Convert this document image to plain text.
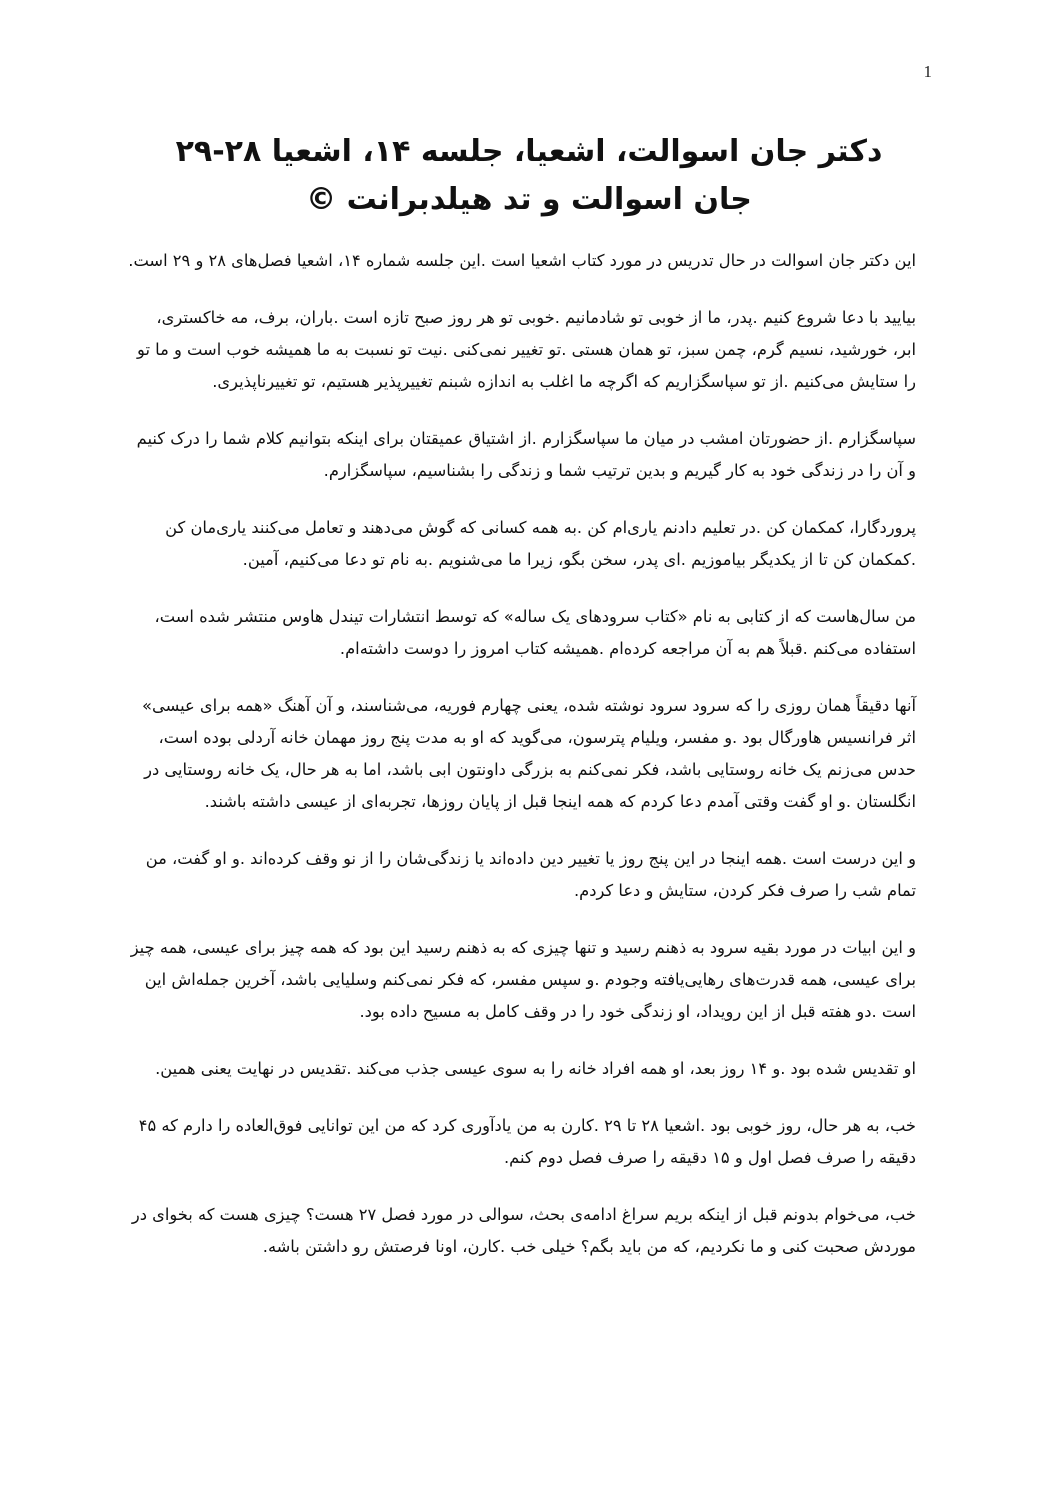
1
دکتر جان اسوالت، اشعیا، جلسه ۱۴، اشعیا ۲۸-۲۹
جان اسوالت و تد هیلدبرانت ©

این دکتر جان اسوالت در حال تدریس در مورد کتاب اشعیا است .این جلسه شماره ۱۴، اشعیا فصل‌های ۲۸ و ۲۹ است.

بیایید با دعا شروع کنیم .پدر، ما از خوبی تو شادمانیم .خوبی تو هر روز صبح تازه است .باران، برف، مه خاکستری، ابر، خورشید، نسیم گرم، چمن سبز، تو همان هستی .تو تغییر نمی‌کنی .نیت تو نسبت به ما همیشه خوب است و ما تو را ستایش می‌کنیم .از تو سپاسگزاریم که اگرچه ما اغلب به اندازه شبنم تغییرپذیر هستیم، تو تغییرناپذیری.

سپاسگزارم .از حضورتان امشب در میان ما سپاسگزارم .از اشتیاق عمیقتان برای اینکه بتوانیم کلام شما را درک کنیم و آن را در زندگی خود به کار گیریم و بدین ترتیب شما و زندگی را بشناسیم، سپاسگزارم.

پروردگارا، کمکمان کن .در تعلیم دادنم یاری‌ام کن .به همه کسانی که گوش می‌دهند و تعامل می‌کنند یاری‌مان کن .کمکمان کن تا از یکدیگر بیاموزیم .ای پدر، سخن بگو، زیرا ما می‌شنویم .به نام تو دعا می‌کنیم، آمین.

من سال‌هاست که از کتابی به نام «کتاب سرودهای یک ساله» که توسط انتشارات تیندل هاوس منتشر شده است، استفاده می‌کنم .قبلاً هم به آن مراجعه کرده‌ام .همیشه کتاب امروز را دوست داشته‌ام.

آنها دقیقاً همان روزی را که سرود سرود نوشته شده، یعنی چهارم فوریه، می‌شناسند، و آن آهنگ «همه برای عیسی» اثر فرانسیس هاورگال بود .و مفسر، ویلیام پترسون، می‌گوید که او به مدت پنج روز مهمان خانه آردلی بوده است، حدس می‌زنم یک خانه روستایی باشد، فکر نمی‌کنم به بزرگی داونتون ابی باشد، اما به هر حال، یک خانه روستایی در انگلستان .و او گفت وقتی آمدم دعا کردم که همه اینجا قبل از پایان روزها، تجربه‌ای از عیسی داشته باشند.

و این درست است .همه اینجا در این پنج روز یا تغییر دین داده‌اند یا زندگی‌شان را از نو وقف کرده‌اند .و او گفت، من تمام شب را صرف فکر کردن، ستایش و دعا کردم.

و این ابیات در مورد بقیه سرود به ذهنم رسید و تنها چیزی که به ذهنم رسید این بود که همه چیز برای عیسی، همه چیز برای عیسی، همه قدرت‌های رهایی‌یافته وجودم .و سپس مفسر، که فکر نمی‌کنم وسلیایی باشد، آخرین جمله‌اش این است .دو هفته قبل از این رویداد، او زندگی خود را در وقف کامل به مسیح داده بود.

او تقدیس شده بود .و ۱۴ روز بعد، او همه افراد خانه را به سوی عیسی جذب می‌کند .تقدیس در نهایت یعنی همین.

خب، به هر حال، روز خوبی بود .اشعیا ۲۸ تا ۲۹ .کارن به من یادآوری کرد که من این توانایی فوق‌العاده را دارم که ۴۵ دقیقه را صرف فصل اول و ۱۵ دقیقه را صرف فصل دوم کنم.

خب، می‌خوام بدونم قبل از اینکه بریم سراغ ادامه‌ی بحث، سوالی در مورد فصل ۲۷ هست؟ چیزی هست که بخوای در موردش صحبت کنی و ما نکردیم، که من باید بگم؟ خیلی خب .کارن، اونا فرصتش رو داشتن باشه.
